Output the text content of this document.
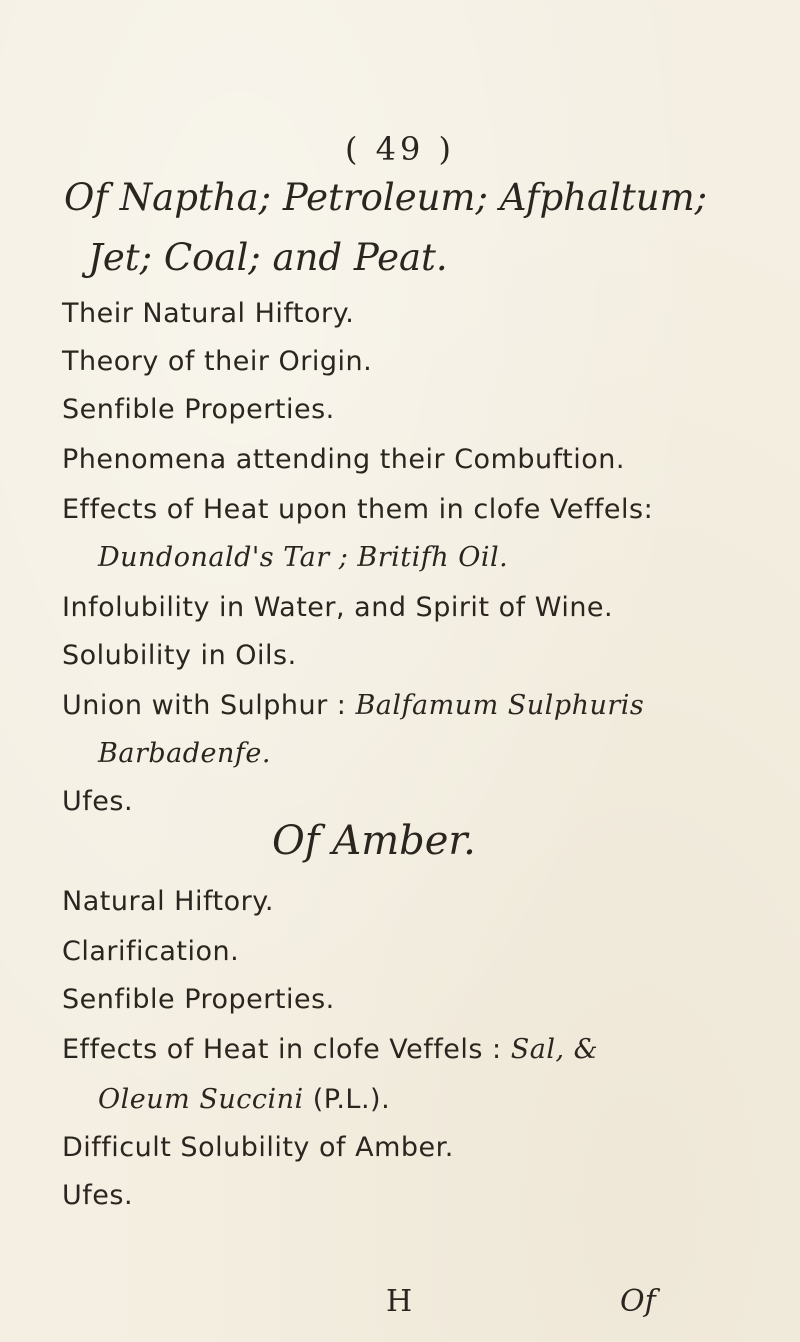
( 49 )
Of Naptha; Petroleum; Afphaltum;
Jet; Coal; and Peat.
Their Natural Hiftory.
Theory of their Origin.
Senfible Properties.
Phenomena attending their Combuftion.
Effects of Heat upon them in clofe Veffels:
Dundonald's Tar ; Britifh Oil.
Infolubility in Water, and Spirit of Wine.
Solubility in Oils.
Union with Sulphur : Balfamum Sulphuris
Barbadenfe.
Ufes.
Of Amber.
Natural Hiftory.
Clarification.
Senfible Properties.
Effects of Heat in clofe Veffels : Sal, &
Oleum Succini (P.L.).
Difficult Solubility of Amber.
Ufes.
H	Of
